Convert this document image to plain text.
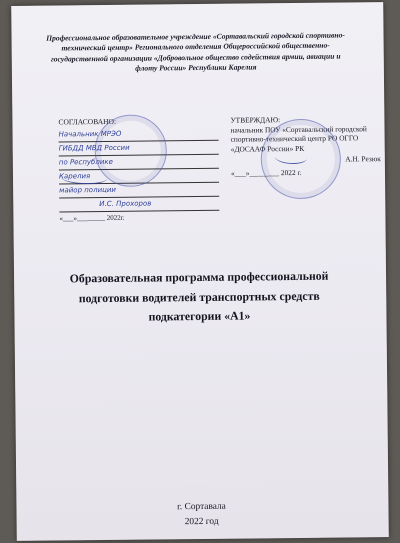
Профессиональное образовательное учреждение «Сортавальский городской спортивно-технический центр» Регионального отделения Общероссийской общественно-государственной организации «Добровольное общество содействия армии, авиации и флоту России» Республики Карелия
СОГЛАСОВАНО:
Начальник МРЭО
ГИБДД МВД России
по Республике
Карелия
майор полиции
И.С. Прохоров
«___»________ 2022г.
УТВЕРЖДАЮ:
начальник ПОУ «Сортавальский городской спортивно-технический центр РО ОГГО «ДОСААФ России» РК
А.Н. Резюк
«___»________ 2022 г.
Образовательная программа профессиональной подготовки водителей транспортных средств подкатегории «А1»
г. Сортавала
2022 год
